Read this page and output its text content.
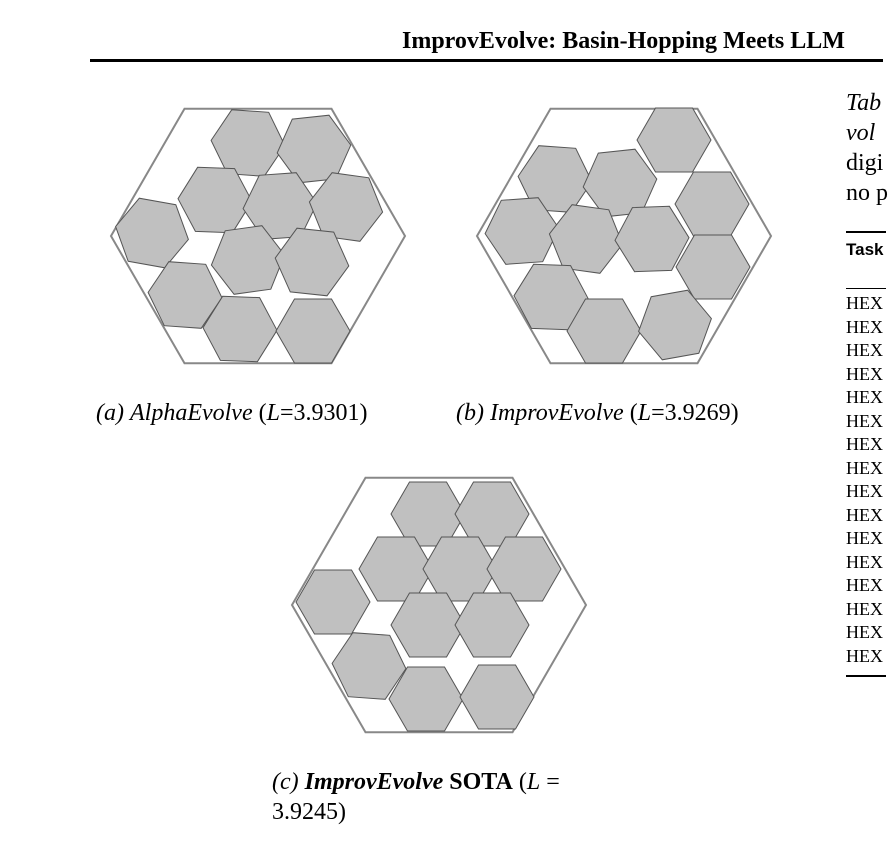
ImprovEvolve: Basin-Hopping Meets LLM
(a) AlphaEvolve (L=3.9301)	(b) ImprovEvolve (L=3.9269)
(c) ImprovEvolve SOTA (L =
3.9245)
Tab
vol
digi
no p
Task
HEX
HEX
HEX
HEX
HEX
HEX
HEX
HEX
HEX
HEX
HEX
HEX
HEX
HEX
HEX
HEX
